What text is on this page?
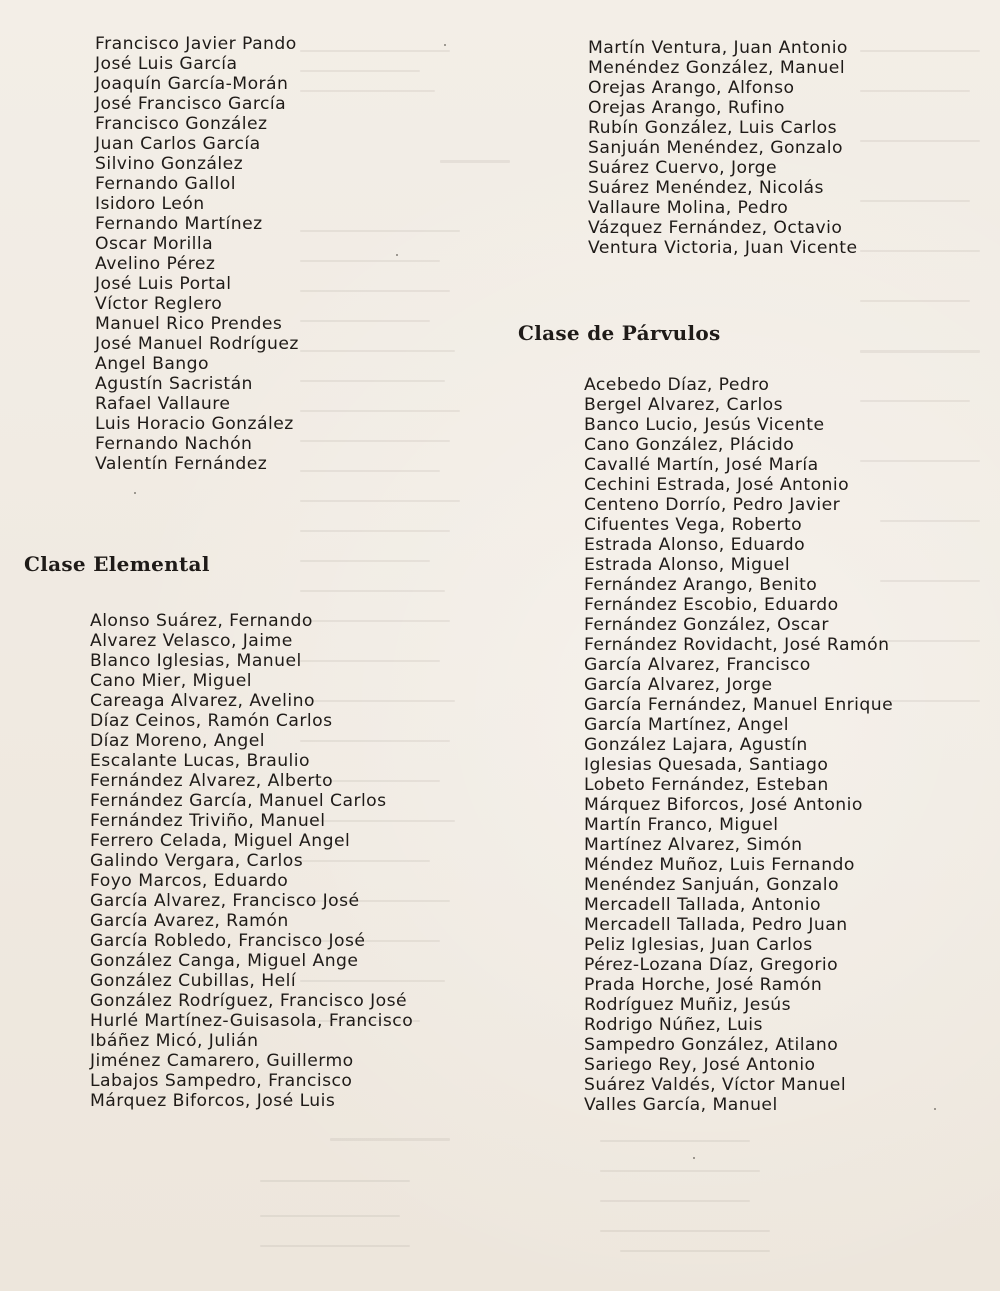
Francisco Javier Pando
José Luis García
Joaquín García-Morán
José Francisco García
Francisco González
Juan Carlos García
Silvino González
Fernando Gallol
Isidoro León
Fernando Martínez
Oscar Morilla
Avelino Pérez
José Luis Portal
Víctor Reglero
Manuel Rico Prendes
José Manuel Rodríguez
Angel Bango
Agustín Sacristán
Rafael Vallaure
Luis Horacio González
Fernando Nachón
Valentín Fernández
Clase Elemental
Alonso Suárez, Fernando
Alvarez Velasco, Jaime
Blanco Iglesias, Manuel
Cano Mier, Miguel
Careaga Alvarez, Avelino
Díaz Ceinos, Ramón Carlos
Díaz Moreno, Angel
Escalante Lucas, Braulio
Fernández Alvarez, Alberto
Fernández García, Manuel Carlos
Fernández Triviño, Manuel
Ferrero Celada, Miguel Angel
Galindo Vergara, Carlos
Foyo Marcos, Eduardo
García Alvarez, Francisco José
García Avarez, Ramón
García Robledo, Francisco José
González Canga, Miguel Ange
González Cubillas, Helí
González Rodríguez, Francisco José
Hurlé Martínez-Guisasola, Francisco
Ibáñez Micó, Julián
Jiménez Camarero, Guillermo
Labajos Sampedro, Francisco
Márquez Biforcos, José Luis
Martín Ventura, Juan Antonio
Menéndez González, Manuel
Orejas Arango, Alfonso
Orejas Arango, Rufino
Rubín González, Luis Carlos
Sanjuán Menéndez, Gonzalo
Suárez Cuervo, Jorge
Suárez Menéndez, Nicolás
Vallaure Molina, Pedro
Vázquez Fernández, Octavio
Ventura Victoria, Juan Vicente
Clase de Párvulos
Acebedo Díaz, Pedro
Bergel Alvarez, Carlos
Banco Lucio, Jesús Vicente
Cano González, Plácido
Cavallé Martín, José María
Cechini Estrada, José Antonio
Centeno Dorrío, Pedro Javier
Cifuentes Vega, Roberto
Estrada Alonso, Eduardo
Estrada Alonso, Miguel
Fernández Arango, Benito
Fernández Escobio, Eduardo
Fernández González, Oscar
Fernández Rovidacht, José Ramón
García Alvarez, Francisco
García Alvarez, Jorge
García Fernández, Manuel Enrique
García Martínez, Angel
González Lajara, Agustín
Iglesias Quesada, Santiago
Lobeto Fernández, Esteban
Márquez Biforcos, José Antonio
Martín Franco, Miguel
Martínez Alvarez, Simón
Méndez Muñoz, Luis Fernando
Menéndez Sanjuán, Gonzalo
Mercadell Tallada, Antonio
Mercadell Tallada, Pedro Juan
Peliz Iglesias, Juan Carlos
Pérez-Lozana Díaz, Gregorio
Prada Horche, José Ramón
Rodríguez Muñiz, Jesús
Rodrigo Núñez, Luis
Sampedro González, Atilano
Sariego Rey, José Antonio
Suárez Valdés, Víctor Manuel
Valles García, Manuel
